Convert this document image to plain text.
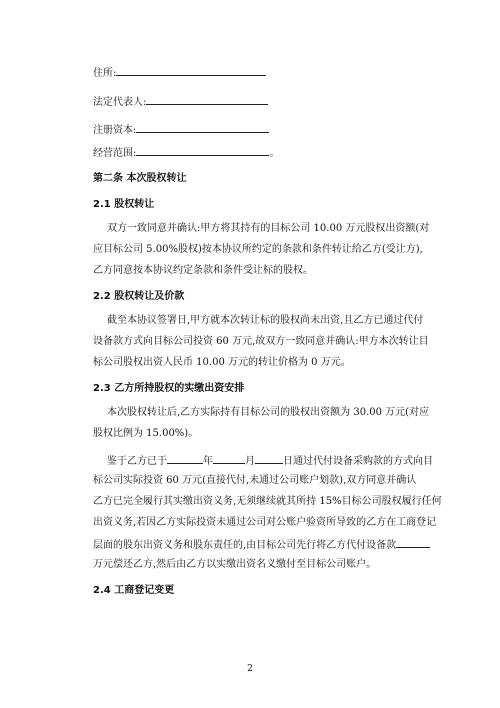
住所:
法定代表人:
注册资本:
经营范围:	。
第二条 本次股权转让
2.1 股权转让
双方一致同意并确认:甲方将其持有的目标公司 10.00 万元股权出资额(对
应目标公司 5.00%股权)按本协议所约定的条款和条件转让给乙方(受让方),
乙方同意按本协议约定条款和条件受让标的股权。
2.2 股权转让及价款
截至本协议签署日,甲方就本次转让标的股权尚未出资,且乙方已通过代付
设备款方式向目标公司投资 60 万元,故双方一致同意并确认:甲方本次转让目
标公司股权出资人民币 10.00 万元的转让价格为 0 万元。
2.3 乙方所持股权的实缴出资安排
本次股权转让后,乙方实际持有目标公司的股权出资额为 30.00 万元(对应
股权比例为 15.00%)。
鉴于乙方已于	年	月	日通过代付设备采购款的方式向目
标公司实际投资 60 万元(直接代付,未通过公司账户划款),双方同意并确认
乙方已完全履行其实缴出资义务,无须继续就其所持 15%目标公司股权履行任何
出资义务,若因乙方实际投资未通过公司对公账户验资所导致的乙方在工商登记
层面的股东出资义务和股东责任的,由目标公司先行将乙方代付设备款
万元偿还乙方,然后由乙方以实缴出资名义缴付至目标公司账户。
2.4 工商登记变更
2
